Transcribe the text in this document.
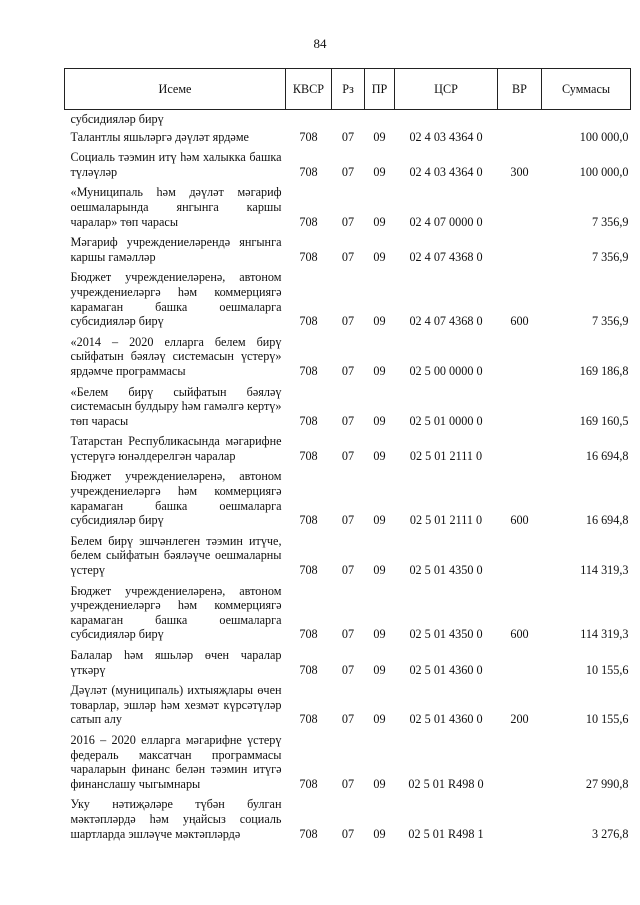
84
Исеме	КВСР	Рз	ПР	ЦСР	ВР	Суммасы
субсидияләр бирү						
Талантлы яшьләргә дәүләт ярдәме	708	07	09	02 4 03 4364 0		100 000,0
Социаль тәэмин итү һәм халыкка башка түләүләр	708	07	09	02 4 03 4364 0	300	100 000,0
«Муниципаль һәм дәүләт мәгариф оешмаларында янгынга каршы чаралар» төп чарасы	708	07	09	02 4 07 0000 0		7 356,9
Мәгариф учреждениеләрендә янгынга каршы гамәлләр	708	07	09	02 4 07 4368 0		7 356,9
Бюджет учреждениеләренә, автоном учреждениеләргә һәм коммерциягә карамаган башка оешмаларга субсидияләр бирү	708	07	09	02 4 07 4368 0	600	7 356,9
«2014 – 2020 елларга белем бирү сыйфатын бәяләү системасын үстерү» ярдәмче программасы	708	07	09	02 5 00 0000 0		169 186,8
«Белем бирү сыйфатын бәяләү системасын булдыру һәм гамәлгә кертү» төп чарасы	708	07	09	02 5 01 0000 0		169 160,5
Татарстан Республикасында мәгарифне үстерүгә юнәлдерелгән чаралар	708	07	09	02 5 01 2111 0		16 694,8
Бюджет учреждениеләренә, автоном учреждениеләргә һәм коммерциягә карамаган башка оешмаларга субсидияләр бирү	708	07	09	02 5 01 2111 0	600	16 694,8
Белем бирү эшчәнлеген тәэмин итүче, белем сыйфатын бәяләүче оешмаларны үстерү	708	07	09	02 5 01 4350 0		114 319,3
Бюджет учреждениеләренә, автоном учреждениеләргә һәм коммерциягә карамаган башка оешмаларга субсидияләр бирү	708	07	09	02 5 01 4350 0	600	114 319,3
Балалар һәм яшьләр өчен чаралар үткәрү	708	07	09	02 5 01 4360 0		10 155,6
Дәүләт (муниципаль) ихтыяҗлары өчен товарлар, эшләр һәм хезмәт күрсәтүләр сатып алу	708	07	09	02 5 01 4360 0	200	10 155,6
2016 – 2020 елларга мәгарифне үстерү федераль максатчан программасы чараларын финанс белән тәэмин итүгә финанслашу чыгымнары	708	07	09	02 5 01 R498 0		27 990,8
Уку нәтиҗәләре түбән булган мәктәпләрдә һәм уңайсыз социаль шартларда эшләүче мәктәпләрдә	708	07	09	02 5 01 R498 1		3 276,8
